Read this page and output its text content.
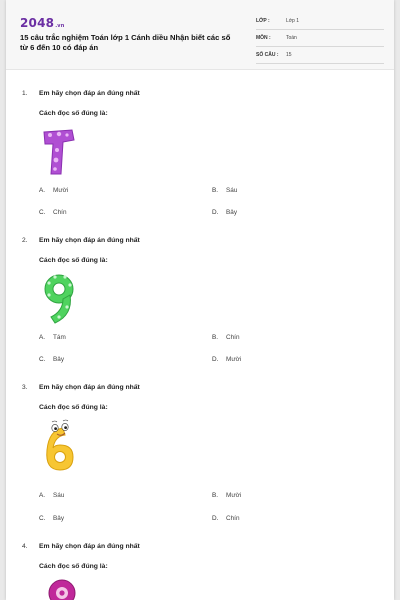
2048.vn
15 câu trắc nghiệm Toán lớp 1 Cánh diều Nhận biết các số từ 6 đến 10 có đáp án
LỚP :	Lớp 1
MÔN :	Toán
SỐ CÂU : 15
1. Em hãy chọn đáp án đúng nhất
Cách đọc số đúng là:
A. Mười	B. Sáu
C. Chín	D. Bảy
2. Em hãy chọn đáp án đúng nhất
Cách đọc số đúng là:
A. Tám	B. Chín
C. Bảy	D. Mười
3. Em hãy chọn đáp án đúng nhất
Cách đọc số đúng là:
A. Sáu	B. Mười
C. Bảy	D. Chín
4. Em hãy chọn đáp án đúng nhất
Cách đọc số đúng là:
